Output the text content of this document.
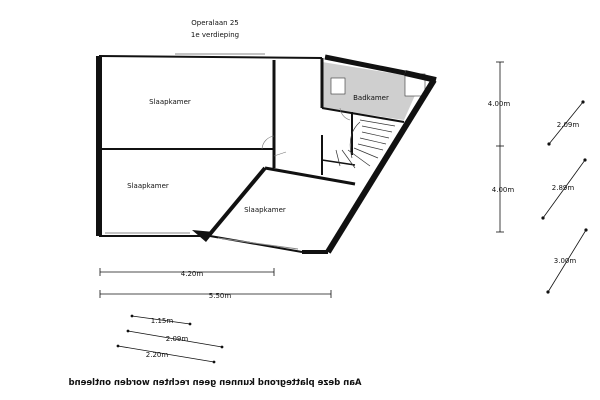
Operalaan 25
1e verdieping
Slaapkamer
Slaapkamer
Slaapkamer
Badkamer
4.20m
5.50m
4.00m
4.00m
2.09m
2.89m
3.00m
1.15m
2.09m
2.20m
Aan deze plattegrond kunnen geen rechten worden ontleend
